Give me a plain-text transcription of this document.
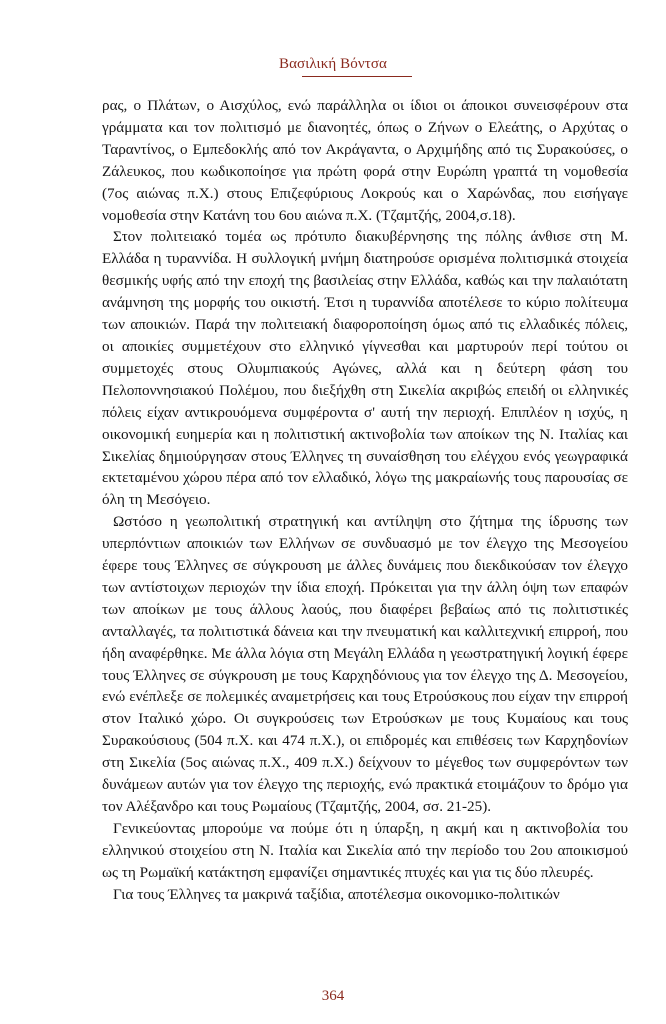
Βασιλική Βόντσα

ρας, ο Πλάτων, ο Αισχύλος, ενώ παράλληλα οι ίδιοι οι άποικοι συνεισφέρουν στα γράμματα και τον πολιτισμό με διανοητές, όπως ο Ζήνων ο Ελεάτης, ο Αρχύτας ο Ταραντίνος, ο Εμπεδοκλής από τον Ακράγαντα, ο Αρχιμήδης από τις Συρακούσες, ο Ζάλευκος, που κωδικοποίησε για πρώτη φορά στην Ευρώπη γραπτά τη νομοθεσία (7ος αιώνας π.Χ.) στους Επιζεφύριους Λοκρούς και ο Χαρώνδας, που εισήγαγε νομοθεσία στην Κατάνη του 6ου αιώνα π.Χ. (Τζαμτζής, 2004,σ.18).

Στον πολιτειακό τομέα ως πρότυπο διακυβέρνησης της πόλης άνθισε στη Μ. Ελλάδα η τυραννίδα. Η συλλογική μνήμη διατηρούσε ορισμένα πολιτισμικά στοιχεία θεσμικής υφής από την εποχή της βασιλείας στην Ελλάδα, καθώς και την παλαιότατη ανάμνηση της μορφής του οικιστή. Έτσι η τυραννίδα αποτέλεσε το κύριο πολίτευμα των αποικιών. Παρά την πολιτειακή διαφοροποίηση όμως από τις ελλαδικές πόλεις, οι αποικίες συμμετέχουν στο ελληνικό γίγνεσθαι και μαρτυρούν περί τούτου οι συμμετοχές στους Ολυμπιακούς Αγώνες, αλλά και η δεύτερη φάση του Πελοποννησιακού Πολέμου, που διεξήχθη στη Σικελία ακριβώς επειδή οι ελληνικές πόλεις είχαν αντικρουόμενα συμφέροντα σ' αυτή την περιοχή. Επιπλέον η ισχύς, η οικονομική ευημερία και η πολιτιστική ακτινοβολία των αποίκων της Ν. Ιταλίας και Σικελίας δημιούργησαν στους Έλληνες τη συναίσθηση του ελέγχου ενός γεωγραφικά εκτεταμένου χώρου πέρα από τον ελλαδικό, λόγω της μακραίωνής τους παρουσίας σε όλη τη Μεσόγειο.

Ωστόσο η γεωπολιτική στρατηγική και αντίληψη στο ζήτημα της ίδρυσης των υπερπόντιων αποικιών των Ελλήνων σε συνδυασμό με τον έλεγχο της Μεσογείου έφερε τους Έλληνες σε σύγκρουση με άλλες δυνάμεις που διεκδικούσαν τον έλεγχο των αντίστοιχων περιοχών την ίδια εποχή. Πρόκειται για την άλλη όψη των επαφών των αποίκων με τους άλλους λαούς, που διαφέρει βεβαίως από τις πολιτιστικές ανταλλαγές, τα πολιτιστικά δάνεια και την πνευματική και καλλιτεχνική επιρροή, που ήδη αναφέρθηκε. Με άλλα λόγια στη Μεγάλη Ελλάδα η γεωστρατηγική λογική έφερε τους Έλληνες σε σύγκρουση με τους Καρχηδόνιους για τον έλεγχο της Δ. Μεσογείου, ενώ ενέπλεξε σε πολεμικές αναμετρήσεις και τους Ετρούσκους που είχαν την επιρροή στον Ιταλικό χώρο. Οι συγκρούσεις των Ετρούσκων με τους Κυμαίους και τους Συρακούσιους (504 π.Χ. και 474 π.Χ.), οι επιδρομές και επιθέσεις των Καρχηδονίων στη Σικελία (5ος αιώνας π.Χ., 409 π.Χ.) δείχνουν το μέγεθος των συμφερόντων των δυνάμεων αυτών για τον έλεγχο της περιοχής, ενώ πρακτικά ετοιμάζουν το δρόμο για τον Αλέξανδρο και τους Ρωμαίους (Τζαμτζής, 2004, σσ. 21-25).

Γενικεύοντας μπορούμε να πούμε ότι η ύπαρξη, η ακμή και η ακτινοβολία του ελληνικού στοιχείου στη Ν. Ιταλία και Σικελία από την περίοδο του 2ου αποικισμού ως τη Ρωμαϊκή κατάκτηση εμφανίζει σημαντικές πτυχές και για τις δύο πλευρές.

Για τους Έλληνες τα μακρινά ταξίδια, αποτέλεσμα οικονομικο-πολιτικών

364
